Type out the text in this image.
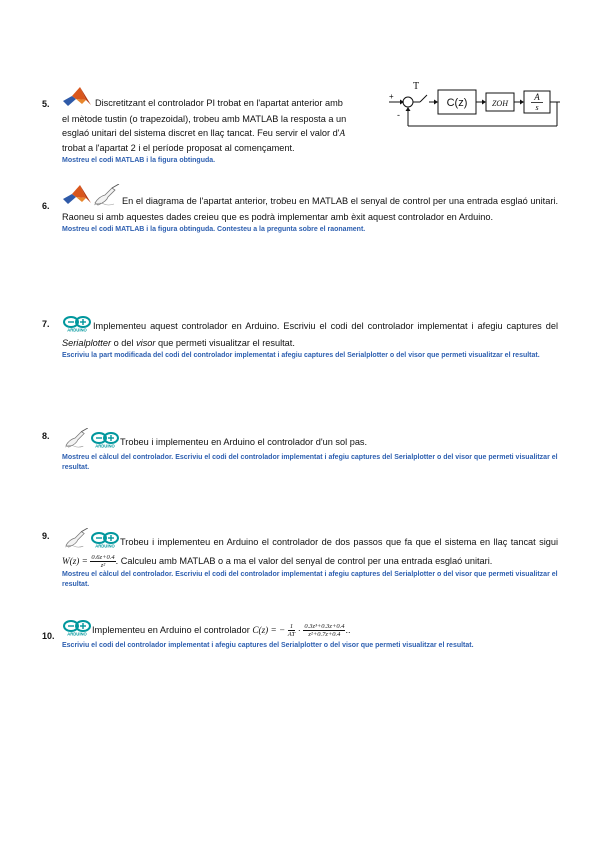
5.	Discretitzant el controlador PI trobat en l'apartat anterior amb
el mètode tustin (o trapezoidal), trobeu amb MATLAB la resposta a un
esglaó unitari del sistema discret en llaç tancat. Feu servir el valor d'A
trobat a l'apartat 2 i el període proposat al començament.
Mostreu el codi MATLAB i la figura obtinguda.
T
+
-
C(z)	ZOH
A
s
6.	En el diagrama de l'apartat anterior, trobeu en MATLAB el senyal de control per una entrada esglaó unitari. Raoneu si amb aquestes dades creieu que es podrà implementar amb èxit aquest controlador en Arduino.
Mostreu el codi MATLAB i la figura obtinguda. Contesteu a la pregunta sobre el raonament.
7.
ARDUINO Implementeu aquest controlador en Arduino. Escriviu el codi del controlador implementat i afegiu captures del Serialplotter o del visor que permeti visualitzar el resultat.
Escriviu la part modificada del codi del controlador implementat i afegiu captures del Serialplotter o del visor que permeti visualitzar el resultat.
8.
ARDUINO Trobeu i implementeu en Arduino el controlador d'un sol pas.
Mostreu el càlcul del controlador. Escriviu el codi del controlador implementat i afegiu captures del Serialplotter o del visor que permeti visualitzar el resultat.
9.
ARDUINO Trobeu i implementeu en Arduino el controlador de dos passos que fa que el sistema en llaç tancat sigui $W(z) = \frac{0.6z+0.4}{\text{z²}}$ . Calculeu amb MATLAB o a ma el valor del senyal de control per una entrada esglaó unitari.
Mostreu el càlcul del controlador. Escriviu el codi del controlador implementat i afegiu captures del Serialplotter o del visor que permeti visualitzar el resultat.
10.	ARDUINO Implementeu en Arduino el controlador C(z) = − $\frac{1}{AT} \cdot \frac{\text{0.3z³+0.3z+0.4}}{\text{z²+0.7z+0.4}}$ ..
Escriviu el codi del controlador implementat i afegiu captures del Serialplotter o del visor que permeti visualitzar el resultat.
